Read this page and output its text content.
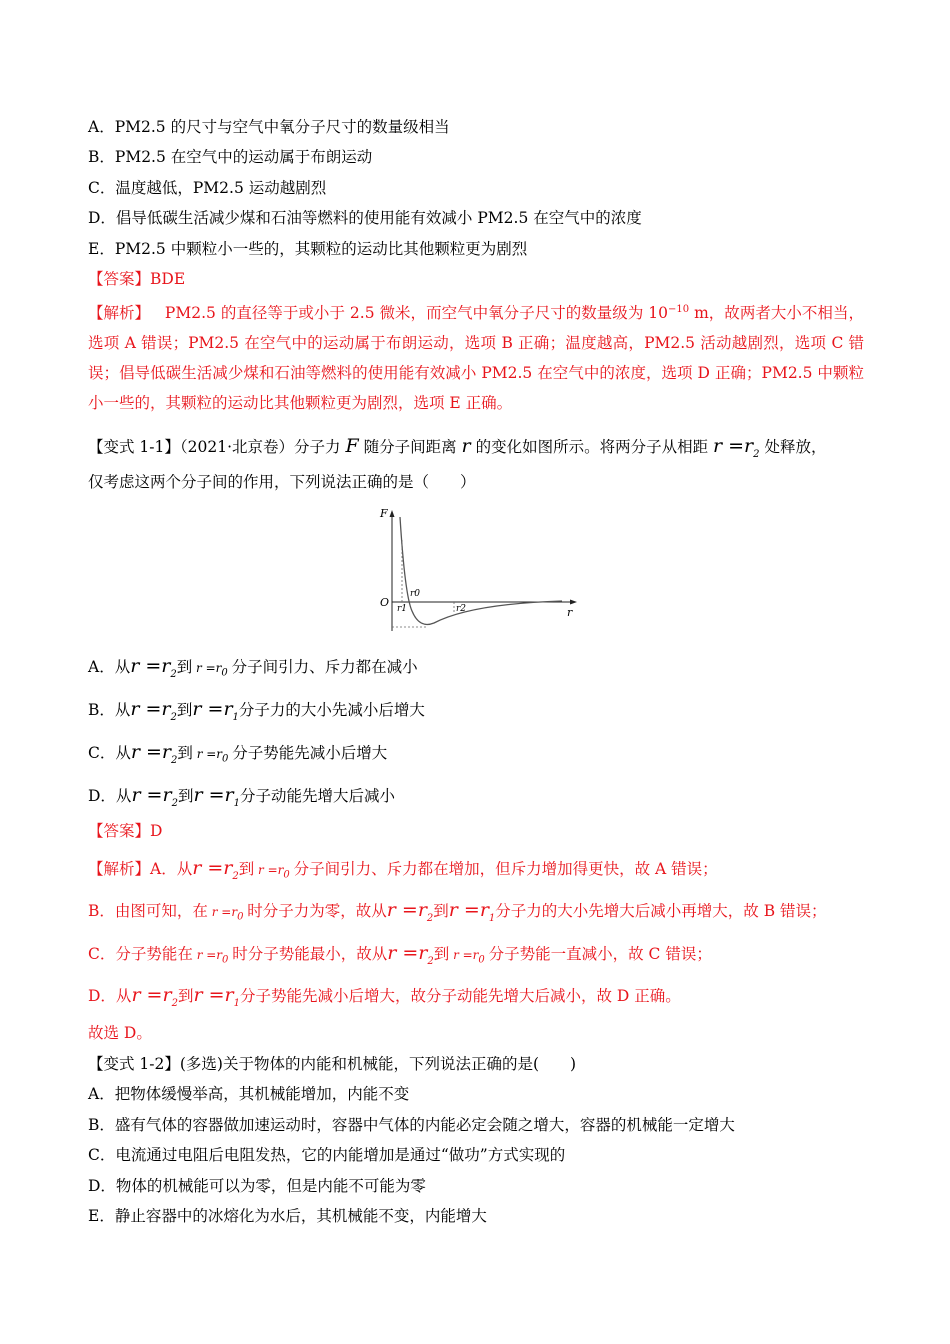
A．PM2.5 的尺寸与空气中氧分子尺寸的数量级相当
B．PM2.5 在空气中的运动属于布朗运动
C．温度越低，PM2.5 运动越剧烈
D．倡导低碳生活减少煤和石油等燃料的使用能有效减小 PM2.5 在空气中的浓度
E．PM2.5 中颗粒小一些的，其颗粒的运动比其他颗粒更为剧烈
【答案】BDE
【解析】 PM2.5 的直径等于或小于 2.5 微米，而空气中氧分子尺寸的数量级为 $10^{-10}$ m，故两者大小不相当，选项 A 错误；PM2.5 在空气中的运动属于布朗运动，选项 B 正确；温度越高，PM2.5 活动越剧烈，选项 C 错误；倡导低碳生活减少煤和石油等燃料的使用能有效减小 PM2.5 在空气中的浓度，选项 D 正确；PM2.5 中颗粒小一些的，其颗粒的运动比其他颗粒更为剧烈，选项 E 正确。
【变式 1-1】（2021·北京卷）分子力 F 随分子间距离 r 的变化如图所示。将两分子从相距 $r =r_2$ 处释放，
仅考虑这两个分子间的作用，下列说法正确的是（　　）
F
O
r
r0
r1	r2
A．从$r =r_2$到 $r =r_0$ 分子间引力、斥力都在减小
B．从$r =r_2$到$r =r_1$分子力的大小先减小后增大
C．从$r =r_2$到 $r =r_0$ 分子势能先减小后增大
D．从$r =r_2$到$r =r_1$分子动能先增大后减小
【答案】D
【解析】A．从$r =r_2$到 $r =r_0$ 分子间引力、斥力都在增加，但斥力增加得更快，故 A 错误；
B．由图可知，在 $r =r_0$ 时分子力为零，故从$r =r_2$到$r =r_1$分子力的大小先增大后减小再增大，故 B 错误；
C．分子势能在 $r =r_0$ 时分子势能最小，故从$r =r_2$到 $r =r_0$ 分子势能一直减小，故 C 错误；
D．从$r =r_2$到$r =r_1$分子势能先减小后增大，故分子动能先增大后减小，故 D 正确。
故选 D。
【变式 1-2】(多选)关于物体的内能和机械能，下列说法正确的是(　　)
A．把物体缓慢举高，其机械能增加，内能不变
B．盛有气体的容器做加速运动时，容器中气体的内能必定会随之增大，容器的机械能一定增大
C．电流通过电阻后电阻发热，它的内能增加是通过“做功”方式实现的
D．物体的机械能可以为零，但是内能不可能为零
E．静止容器中的冰熔化为水后，其机械能不变，内能增大
